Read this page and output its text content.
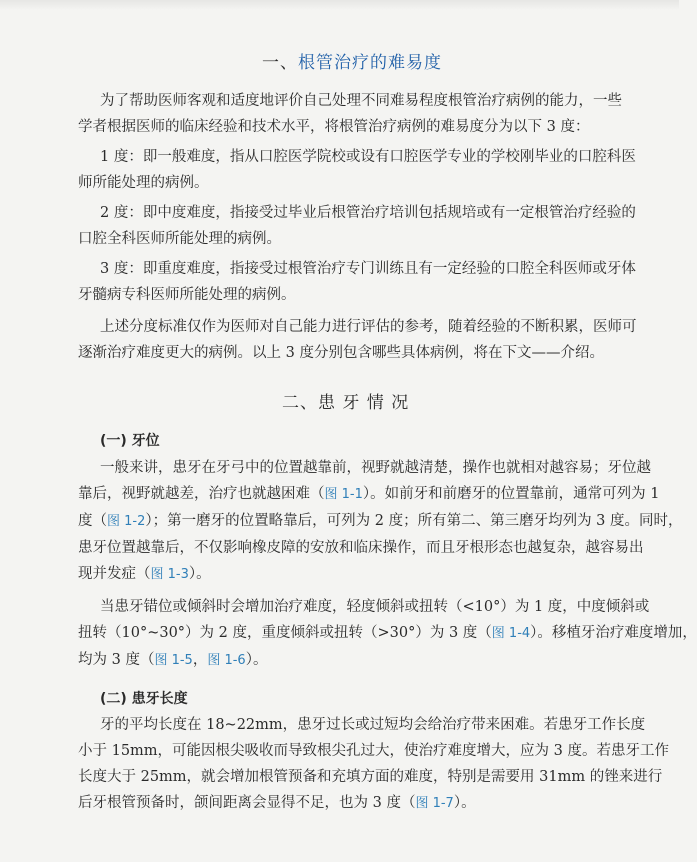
一、根管治疗的难易度
为了帮助医师客观和适度地评价自己处理不同难易程度根管治疗病例的能力，一些
学者根据医师的临床经验和技术水平，将根管治疗病例的难易度分为以下 3 度：
1 度：即一般难度，指从口腔医学院校或设有口腔医学专业的学校刚毕业的口腔科医
师所能处理的病例。
2 度：即中度难度，指接受过毕业后根管治疗培训包括规培或有一定根管治疗经验的
口腔全科医师所能处理的病例。
3 度：即重度难度，指接受过根管治疗专门训练且有一定经验的口腔全科医师或牙体
牙髓病专科医师所能处理的病例。
上述分度标准仅作为医师对自己能力进行评估的参考，随着经验的不断积累，医师可
逐渐治疗难度更大的病例。以上 3 度分别包含哪些具体病例，将在下文——介绍。
二、患 牙 情 况
(一) 牙位
一般来讲，患牙在牙弓中的位置越靠前，视野就越清楚，操作也就相对越容易；牙位越
靠后，视野就越差，治疗也就越困难（图 1-1）。如前牙和前磨牙的位置靠前，通常可列为 1
度（图 1-2）；第一磨牙的位置略靠后，可列为 2 度；所有第二、第三磨牙均列为 3 度。同时，
患牙位置越靠后，不仅影响橡皮障的安放和临床操作，而且牙根形态也越复杂，越容易出
现并发症（图 1-3）。
当患牙错位或倾斜时会增加治疗难度，轻度倾斜或扭转（<10°）为 1 度，中度倾斜或
扭转（10°~30°）为 2 度，重度倾斜或扭转（>30°）为 3 度（图 1-4）。移植牙治疗难度增加，
均为 3 度（图 1-5，图 1-6）。
(二) 患牙长度
牙的平均长度在 18~22mm，患牙过长或过短均会给治疗带来困难。若患牙工作长度
小于 15mm，可能因根尖吸收而导致根尖孔过大，使治疗难度增大，应为 3 度。若患牙工作
长度大于 25mm，就会增加根管预备和充填方面的难度，特别是需要用 31mm 的锉来进行
后牙根管预备时，颌间距离会显得不足，也为 3 度（图 1-7）。
